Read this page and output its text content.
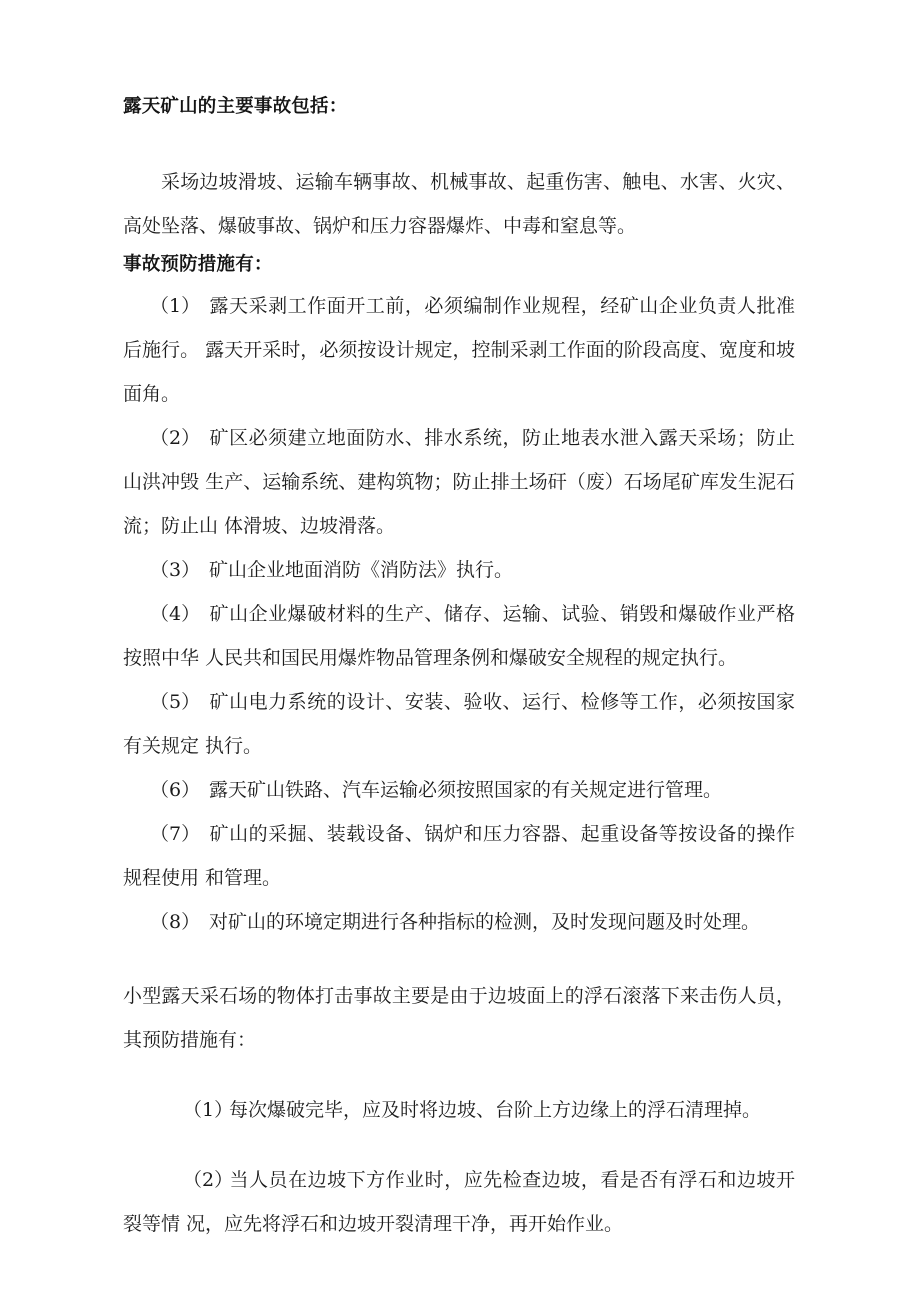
露天矿山的主要事故包括：

采场边坡滑坡、运输车辆事故、机械事故、起重伤害、触电、水害、火灾、高处坠落、爆破事故、锅炉和压力容器爆炸、中毒和窒息等。

事故预防措施有：

（1） 露天采剥工作面开工前，必须编制作业规程，经矿山企业负责人批准后施行。 露天开采时，必须按设计规定，控制采剥工作面的阶段高度、宽度和坡面角。

（2） 矿区必须建立地面防水、排水系统，防止地表水泄入露天采场；防止山洪冲毁 生产、运输系统、建构筑物；防止排土场矸（废）石场尾矿库发生泥石流；防止山 体滑坡、边坡滑落。

（3） 矿山企业地面消防《消防法》执行。

（4） 矿山企业爆破材料的生产、储存、运输、试验、销毁和爆破作业严格按照中华 人民共和国民用爆炸物品管理条例和爆破安全规程的规定执行。

（5） 矿山电力系统的设计、安装、验收、运行、检修等工作，必须按国家有关规定 执行。

（6） 露天矿山铁路、汽车运输必须按照国家的有关规定进行管理。

（7） 矿山的采掘、装载设备、锅炉和压力容器、起重设备等按设备的操作规程使用 和管理。

（8） 对矿山的环境定期进行各种指标的检测，及时发现问题及时处理。

小型露天采石场的物体打击事故主要是由于边坡面上的浮石滚落下来击伤人员，其预防措施有：

（1）每次爆破完毕，应及时将边坡、台阶上方边缘上的浮石清理掉。

（2）当人员在边坡下方作业时，应先检查边坡，看是否有浮石和边坡开裂等情 况，应先将浮石和边坡开裂清理干净，再开始作业。
